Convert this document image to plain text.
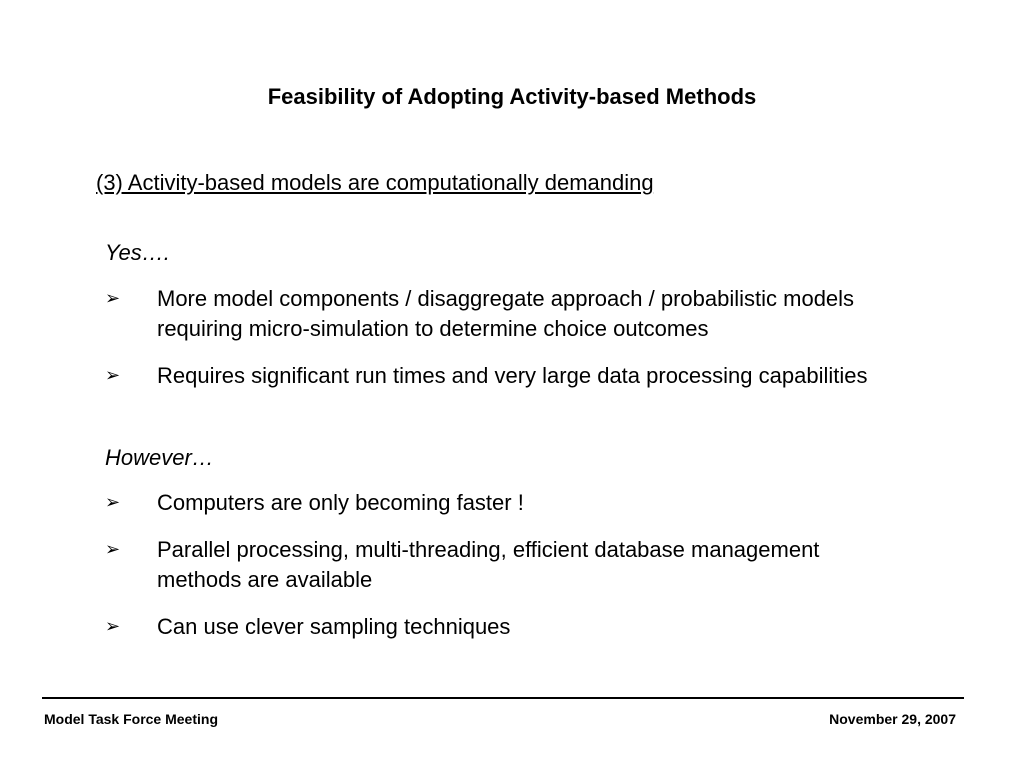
Feasibility of Adopting Activity-based Methods
(3) Activity-based models are computationally demanding
Yes….
➢ More model components / disaggregate approach / probabilistic models requiring micro-simulation to determine choice outcomes
➢ Requires significant run times and very large data processing capabilities
However…
➢ Computers are only becoming faster !
➢ Parallel processing, multi-threading, efficient database management methods are available
➢ Can use clever sampling techniques
Model Task Force Meeting	November 29, 2007
